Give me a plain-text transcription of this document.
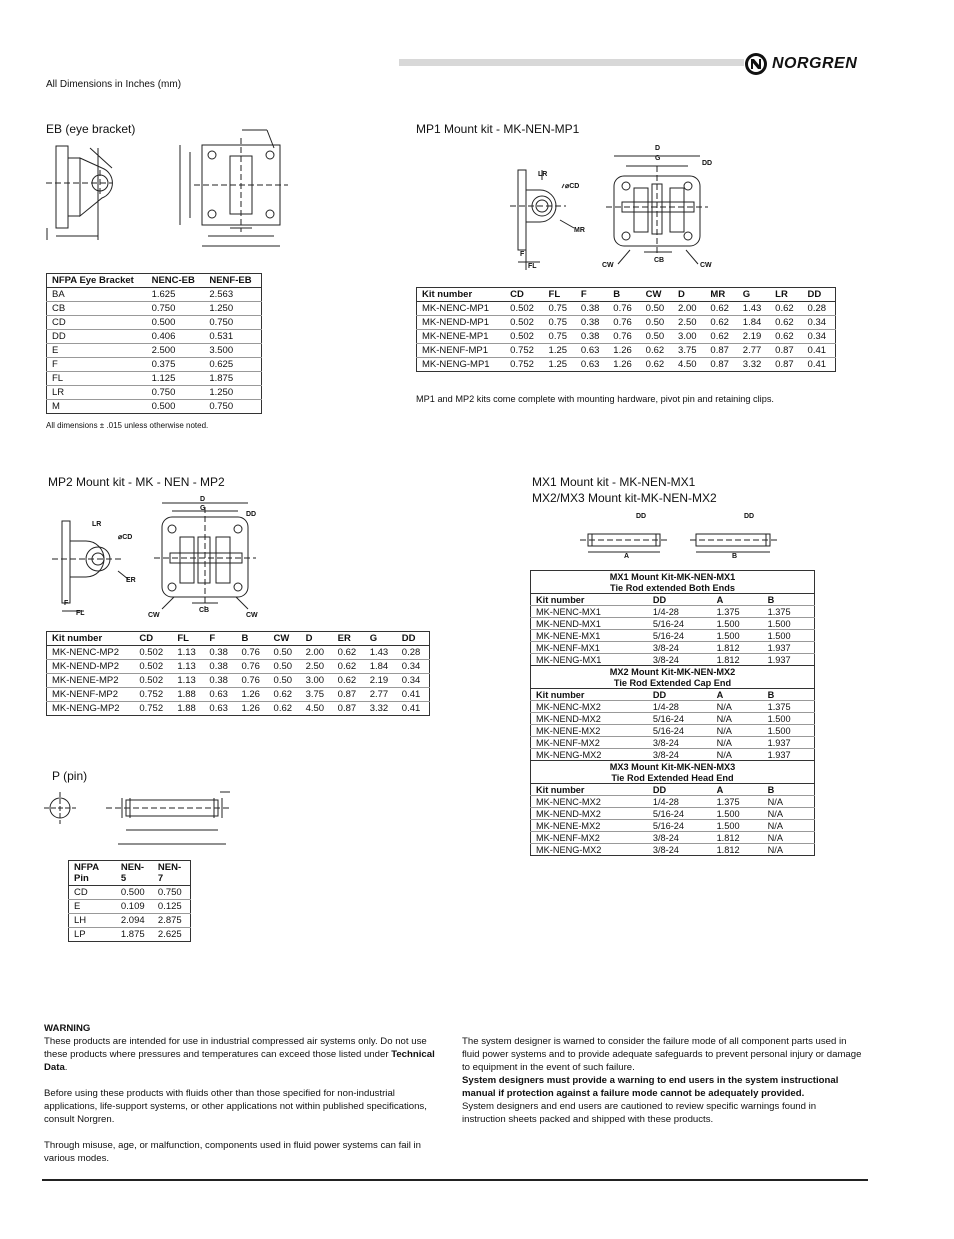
NORGREN
All Dimensions in Inches (mm)
EB (eye bracket)
NFPA Eye Bracket	NENC-EB	NENF-EB
BA	1.625	2.563
CB	0.750	1.250
CD	0.500	0.750
DD	0.406	0.531
E	2.500	3.500
F	0.375	0.625
FL	1.125	1.875
LR	0.750	1.250
M	0.500	0.750
All dimensions ± .015 unless otherwise noted.
MP1 Mount kit - MK-NEN-MP1
D
G
DD
LR
⌀CD
MR
F
FL	CW
CB
CW
Kit number	CD	FL	F	B	CW	D	MR	G	LR	DD
MK-NENC-MP1	0.502	0.75	0.38	0.76	0.50	2.00	0.62	1.43	0.62	0.28
MK-NEND-MP1	0.502	0.75	0.38	0.76	0.50	2.50	0.62	1.84	0.62	0.34
MK-NENE-MP1	0.502	0.75	0.38	0.76	0.50	3.00	0.62	2.19	0.62	0.34
MK-NENF-MP1	0.752	1.25	0.63	1.26	0.62	3.75	0.87	2.77	0.87	0.41
MK-NENG-MP1	0.752	1.25	0.63	1.26	0.62	4.50	0.87	3.32	0.87	0.41
MP1 and MP2 kits come complete with mounting hardware, pivot pin and retaining clips.
MP2 Mount kit - MK - NEN - MP2
D
G
DD
LR
⌀CD
ER
F
FL	CW
CB
CW
Kit number	CD	FL	F	B	CW	D	ER	G	DD
MK-NENC-MP2	0.502	1.13	0.38	0.76	0.50	2.00	0.62	1.43	0.28
MK-NEND-MP2	0.502	1.13	0.38	0.76	0.50	2.50	0.62	1.84	0.34
MK-NENE-MP2	0.502	1.13	0.38	0.76	0.50	3.00	0.62	2.19	0.34
MK-NENF-MP2	0.752	1.88	0.63	1.26	0.62	3.75	0.87	2.77	0.41
MK-NENG-MP2	0.752	1.88	0.63	1.26	0.62	4.50	0.87	3.32	0.41
MX1 Mount kit - MK-NEN-MX1
MX2/MX3 Mount kit-MK-NEN-MX2
DD	DD
A	B
MX1 Mount Kit-MK-NEN-MX1			
Tie Rod extended Both Ends			
Kit number	DD	A	B
MK-NENC-MX1	1/4-28	1.375	1.375
MK-NEND-MX1	5/16-24	1.500	1.500
MK-NENE-MX1	5/16-24	1.500	1.500
MK-NENF-MX1	3/8-24	1.812	1.937
MK-NENG-MX1	3/8-24	1.812	1.937
MX2 Mount Kit-MK-NEN-MX2			
Tie Rod Extended Cap End			
Kit number	DD	A	B
MK-NENC-MX2	1/4-28	N/A	1.375
MK-NEND-MX2	5/16-24	N/A	1.500
MK-NENE-MX2	5/16-24	N/A	1.500
MK-NENF-MX2	3/8-24	N/A	1.937
MK-NENG-MX2	3/8-24	N/A	1.937
MX3 Mount Kit-MK-NEN-MX3			
Tie Rod Extended Head End			
Kit number	DD	A	B
MK-NENC-MX2	1/4-28	1.375	N/A
MK-NEND-MX2	5/16-24	1.500	N/A
MK-NENE-MX2	5/16-24	1.500	N/A
MK-NENF-MX2	3/8-24	1.812	N/A
MK-NENG-MX2	3/8-24	1.812	N/A
P (pin)
NFPA Pin	NEN-5	NEN-7
CD	0.500	0.750
E	0.109	0.125
LH	2.094	2.875
LP	1.875	2.625
WARNING

These products are intended for use in industrial compressed air systems only. Do not use these products where pressures and temperatures can exceed those listed under Technical Data.

Before using these products with fluids other than those specified for non-industrial applications, life-support systems, or other applications not within published specifications, consult Norgren.

Through misuse, age, or malfunction, components used in fluid power systems can fail in various modes.

The system designer is warned to consider the failure mode of all component parts used in fluid power systems and to provide adequate safeguards to prevent personal injury or damage to equipment in the event of such failure.
System designers must provide a warning to end users in the system instructional manual if protection against a failure mode cannot be adequately provided.
System designers and end users are cautioned to review specific warnings found in instruction sheets packed and shipped with these products.
